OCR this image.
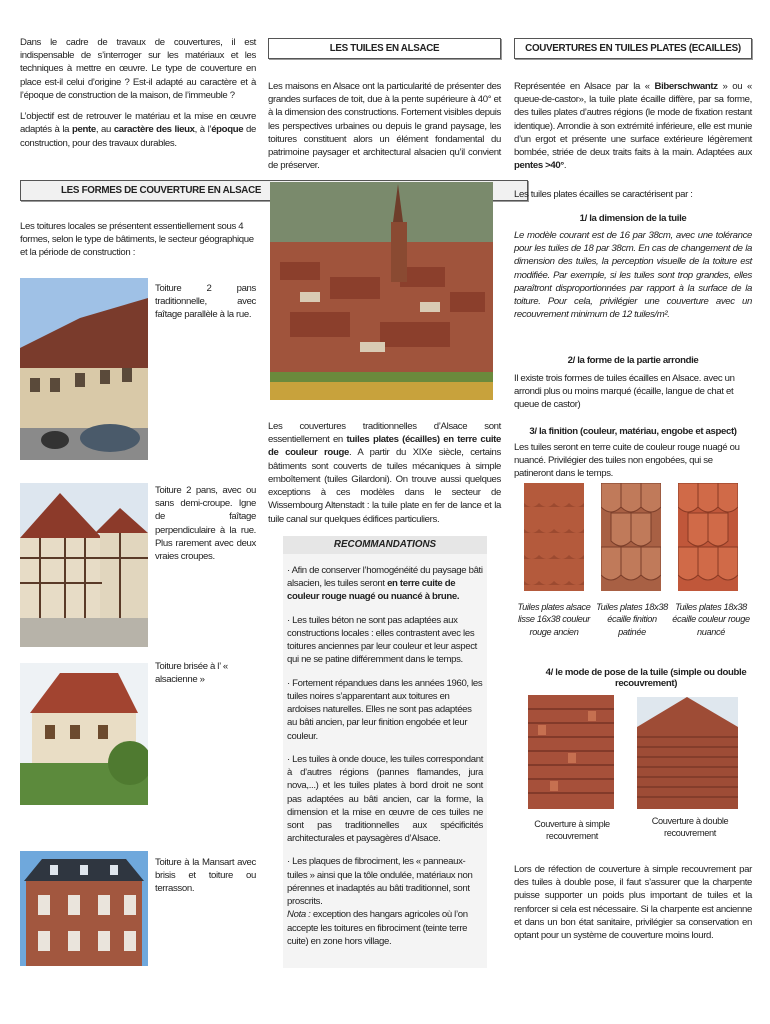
Dans le cadre de travaux de couvertures, il est indispensable de s’interroger sur les matériaux et les techniques à mettre en œuvre. Le type de couverture en place est-il celui d’origine ? Est-il adapté au caractère et à l’époque de construction de la maison, de l’immeuble ?

L’objectif est de retrouver le matériau et la mise en œuvre adaptés à la pente, au caractère des lieux, à l’époque de construction, pour des travaux durables.

LES FORMES DE COUVERTURE EN ALSACE

Les toitures locales se présentent essentiellement sous 4 formes, selon le type de bâtiments, le secteur géographique et la période de construction :

Toiture 2 pans traditionnelle, avec faîtage parallèle à la rue.

Toiture 2 pans, avec ou sans demi-croupe. Igne de faîtage perpendiculaire à la rue. Plus rarement avec deux vraies croupes.

Toiture brisée à l’ « alsacienne »

Toiture à la Mansart avec brisis et toiture ou terrasson.

LES TUILES EN ALSACE

Les maisons en Alsace ont la particularité de présenter des grandes surfaces de toit, due à la pente supérieure à 40° et à la dimension des constructions. Fortement visibles depuis les perspectives urbaines ou depuis le grand paysage, les toitures constituent alors un élément fondamental du patrimoine paysager et architectural alsacien qu’il convient de préserver.

Les couvertures traditionnelles d’Alsace sont essentiellement en tuiles plates (écailles) en terre cuite de couleur rouge. A partir du XIXe siècle, certains bâtiments sont couverts de tuiles mécaniques à simple emboîtement (tuiles Gilardoni). On trouve aussi quelques exceptions à ces modèles dans le secteur de Wissembourg Altenstadt : la tuile plate en fer de lance et la tuile canal sur quelques édifices particuliers.

RECOMMANDATIONS

· Afin de conserver l’homogénéité du paysage bâti alsacien, les tuiles seront en terre cuite de couleur rouge nuagé ou nuancé à brune.

· Les tuiles béton ne sont pas adaptées aux constructions locales : elles contrastent avec les toitures anciennes par leur couleur et leur aspect qui ne se patine différemment dans le temps.

· Fortement répandues dans les années 1960, les tuiles noires s’apparentant aux toitures en ardoises naturelles. Elles ne sont pas adaptées au bâti ancien, par leur finition engobée et leur couleur.

· Les tuiles à onde douce, les tuiles correspondant à d’autres régions (pannes flamandes, jura nova,...) et les tuiles plates à bord droit ne sont pas adaptées au bâti ancien, car la forme, la dimension et la mise en œuvre de ces tuiles ne sont pas traditionnelles aux spécificités architecturales et paysagères d’Alsace.

· Les plaques de fibrociment, les « panneaux-tuiles » ainsi que la tôle ondulée, matériaux non pérennes et inadaptés au bâti traditionnel, sont proscrits.
Nota : exception des hangars agricoles où l’on accepte les toitures en fibrociment (teinte terre cuite) en zone hors village.

COUVERTURES EN TUILES PLATES (ECAILLES)

Représentée en Alsace par la « Biberschwantz » ou « queue-de-castor», la tuile plate écaille diffère, par sa forme, des tuiles plates d’autres régions (le mode de fixation restant identique). Arrondie à son extrémité inférieure, elle est munie d’un ergot et présente une surface extérieure légèrement bombée, striée de deux traits faits à la main. Adaptées aux pentes >40°.

Les tuiles plates écailles se caractérisent par :

1/ la dimension de la tuile

Le modèle courant est de 16 par 38cm, avec une tolérance pour les tuiles de 18 par 38cm. En cas de changement de la dimension des tuiles, la perception visuelle de la toiture est modifiée. Par exemple, si les tuiles sont trop grandes, elles paraîtront disproportionnées par rapport à la surface de la toiture. Pour cela, privilégier une couverture avec un recouvrement minimum de 12 tuiles/m².

2/ la forme de la partie arrondie

Il existe trois formes de tuiles écailles en Alsace. avec un arrondi plus ou moins marqué (écaille, langue de chat et queue de castor)

3/ la finition (couleur, matériau, engobe et aspect)

Les tuiles seront en terre cuite de couleur rouge nuagé ou nuancé. Privilégier des tuiles non engobées, qui se patineront dans le temps.

Tuiles plates alsace lisse 16x38 couleur rouge ancien
Tuiles plates 18x38 écaille finition patinée
Tuiles plates 18x38 écaille couleur rouge nuancé
4/ le mode de pose de la tuile (simple ou double recouvrement)
Couverture à simple recouvrement
Couverture à double recouvrement

Lors de réfection de couverture à simple recouvrement par des tuiles à double pose, il faut s’assurer que la charpente puisse supporter un poids plus important de tuiles et la renforcer si cela est nécessaire. Si la charpente est ancienne et dans un bon état sanitaire, privilégier sa conservation en optant pour un système de couverture moins lourd.
